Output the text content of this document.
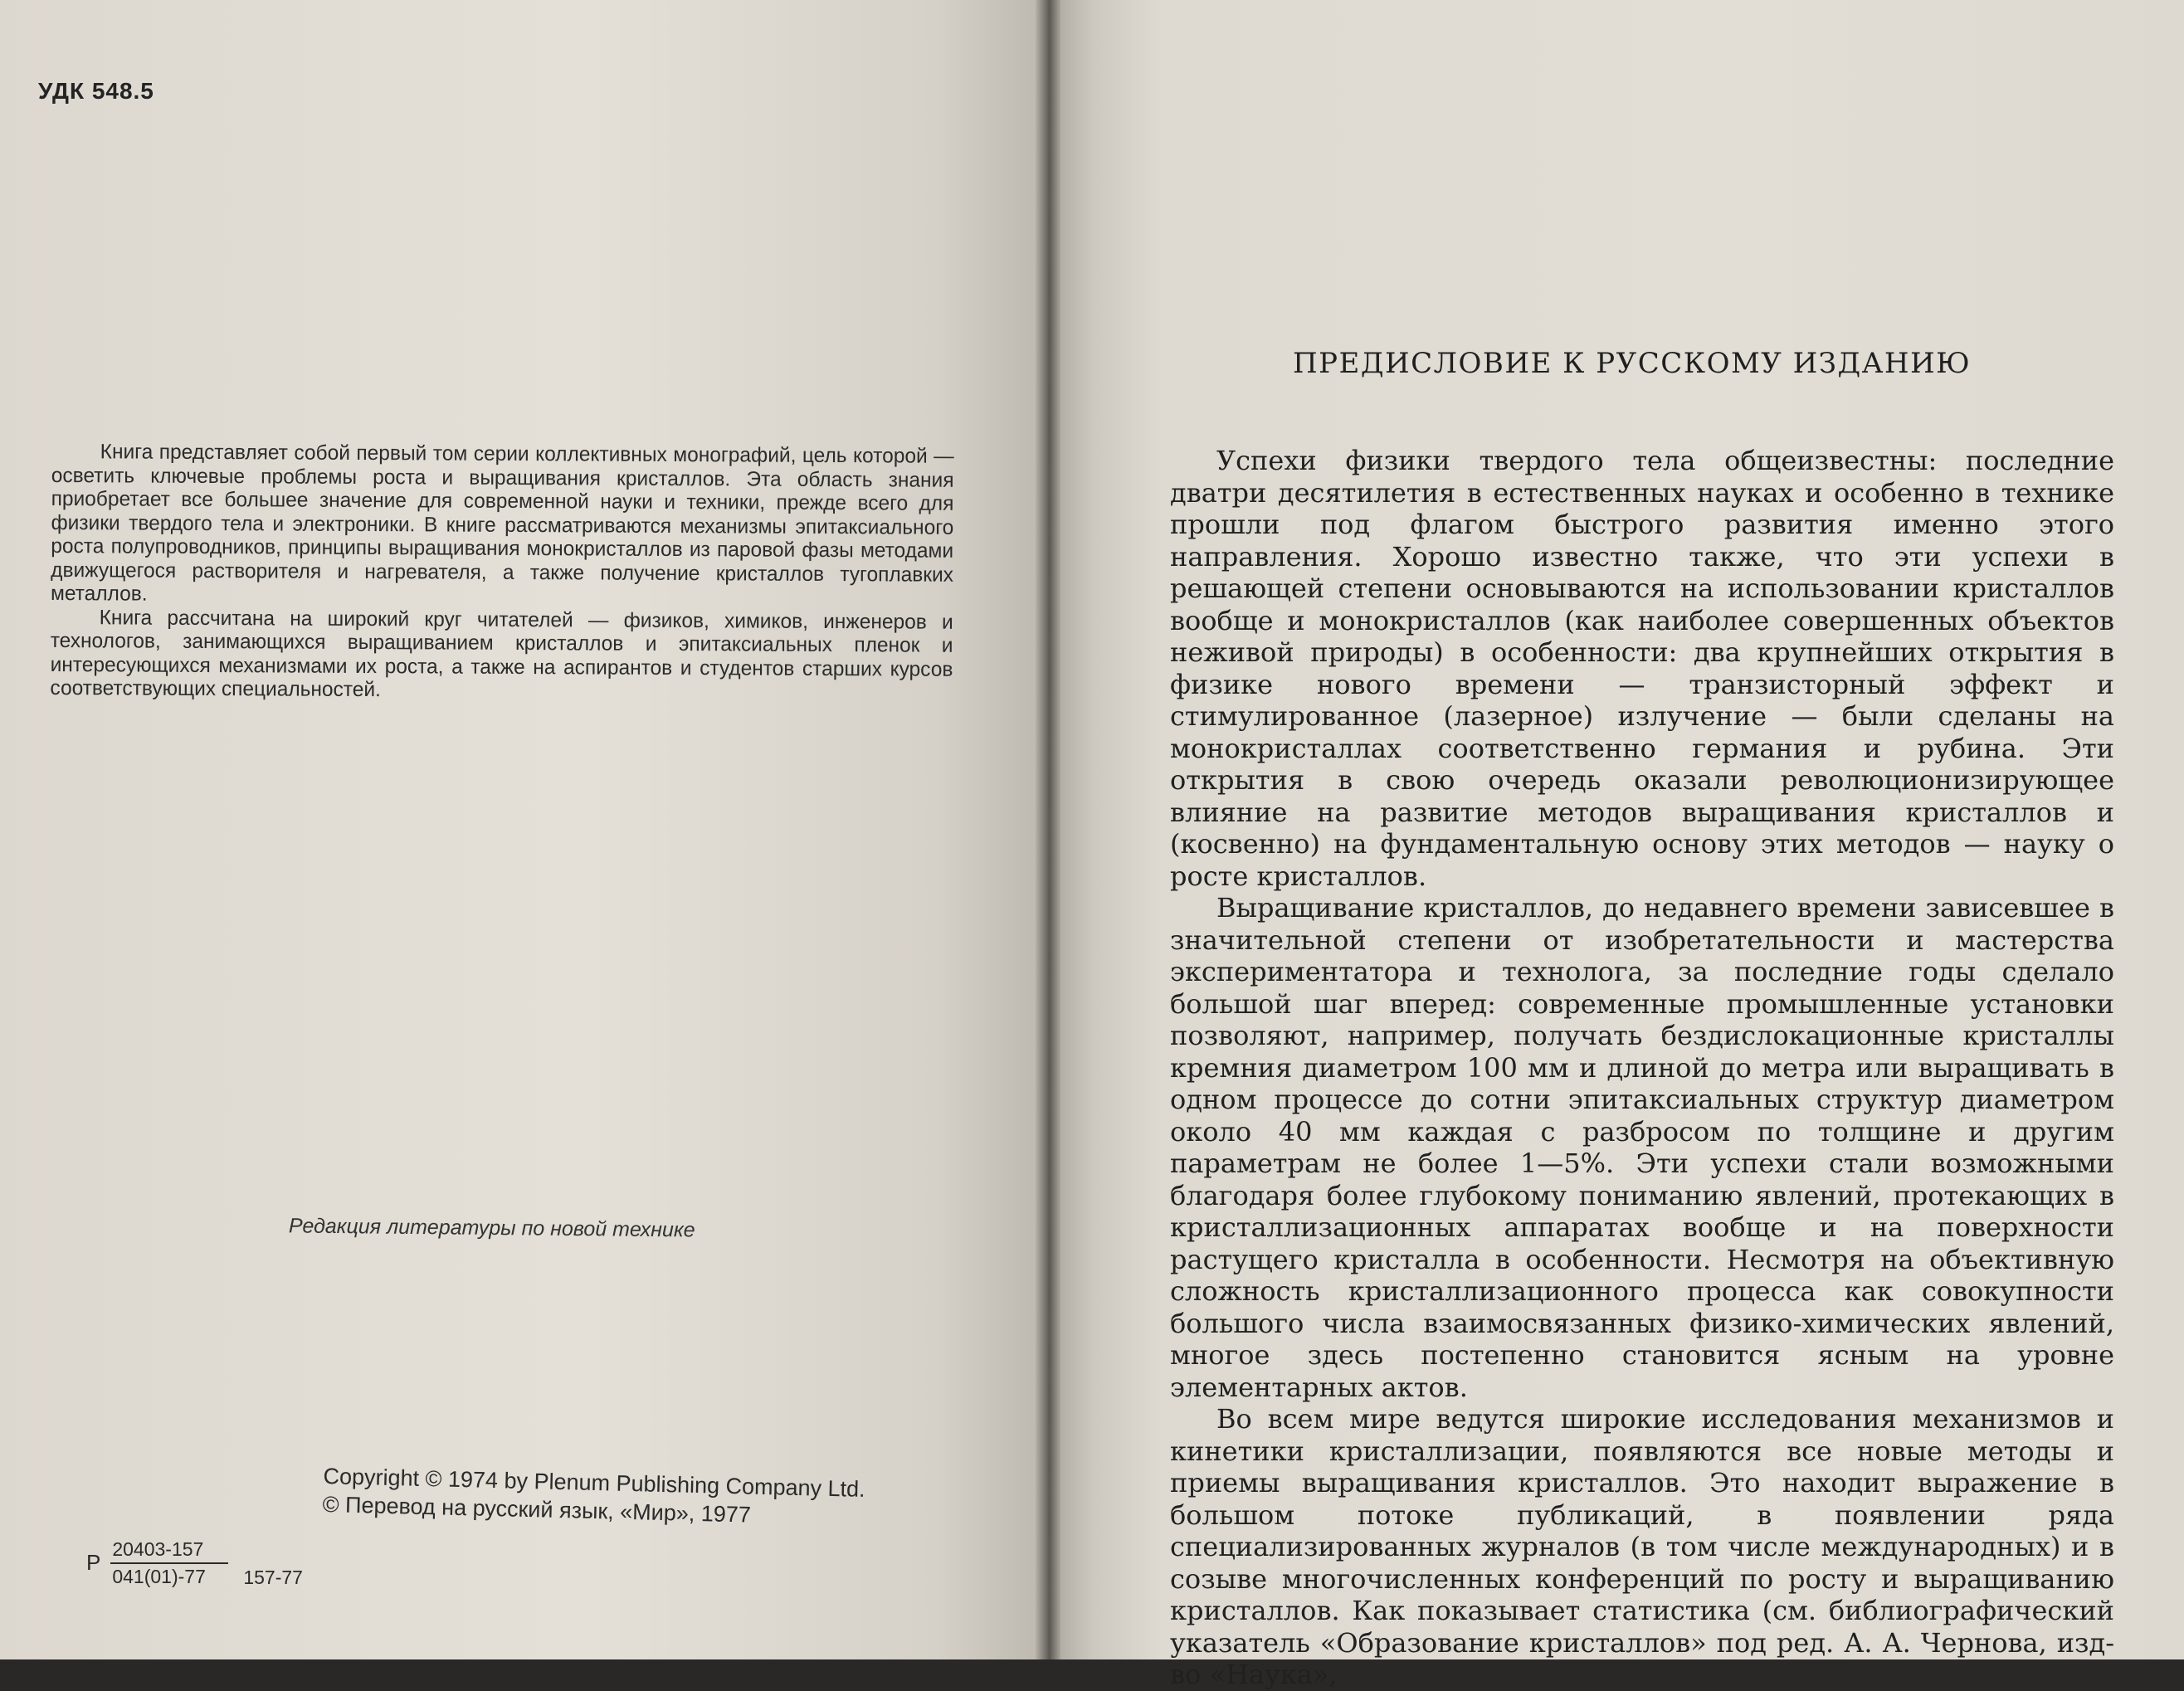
УДК 548.5

Книга представляет собой первый том серии коллективных монографий, цель которой — осветить ключевые проблемы роста и выращивания кристаллов. Эта область знания приобретает все большее значение для современной науки и техники, прежде всего для физики твердого тела и электроники. В книге рассматриваются механизмы эпитаксиального роста полупроводников, принципы выращивания монокристаллов из паровой фазы методами движущегося растворителя и нагревателя, а также получение кристаллов тугоплавких металлов.

Книга рассчитана на широкий круг читателей — физиков, химиков, инженеров и технологов, занимающихся выращиванием кристаллов и эпитаксиальных пленок и интересующихся механизмами их роста, а также на аспирантов и студентов старших курсов соответствующих специальностей.

Редакция литературы по новой технике
Copyright © 1974 by Plenum Publishing Company Ltd.
© Перевод на русский язык, «Мир», 1977
Р $\frac{20403-157}{041(01)-77} 157-77$
ПРЕДИСЛОВИЕ К РУССКОМУ ИЗДАНИЮ

Успехи физики твердого тела общеизвестны: последние дватри десятилетия в естественных науках и особенно в технике прошли под флагом быстрого развития именно этого направления. Хорошо известно также, что эти успехи в решающей степени основываются на использовании кристаллов вообще и монокристаллов (как наиболее совершенных объектов неживой природы) в особенности: два крупнейших открытия в физике нового времени — транзисторный эффект и стимулированное (лазерное) излучение — были сделаны на монокристаллах соответственно германия и рубина. Эти открытия в свою очередь оказали революционизирующее влияние на развитие методов выращивания кристаллов и (косвенно) на фундаментальную основу этих методов — науку о росте кристаллов.

Выращивание кристаллов, до недавнего времени зависевшее в значительной степени от изобретательности и мастерства экспериментатора и технолога, за последние годы сделало большой шаг вперед: современные промышленные установки позволяют, например, получать бездислокационные кристаллы кремния диаметром 100 мм и длиной до метра или выращивать в одном процессе до сотни эпитаксиальных структур диаметром около 40 мм каждая с разбросом по толщине и другим параметрам не более 1—5%. Эти успехи стали возможными благодаря более глубокому пониманию явлений, протекающих в кристаллизационных аппаратах вообще и на поверхности растущего кристалла в особенности. Несмотря на объективную сложность кристаллизационного процесса как совокупности большого числа взаимосвязанных физико-химических явлений, многое здесь постепенно становится ясным на уровне элементарных актов.

Во всем мире ведутся широкие исследования механизмов и кинетики кристаллизации, появляются все новые методы и приемы выращивания кристаллов. Это находит выражение в большом потоке публикаций, в появлении ряда специализированных журналов (в том числе международных) и в созыве многочисленных конференций по росту и выращиванию кристаллов. Как показывает статистика (см. библиографический указатель «Образование кристаллов» под ред. А. А. Чернова, изд-во «Наука»,
